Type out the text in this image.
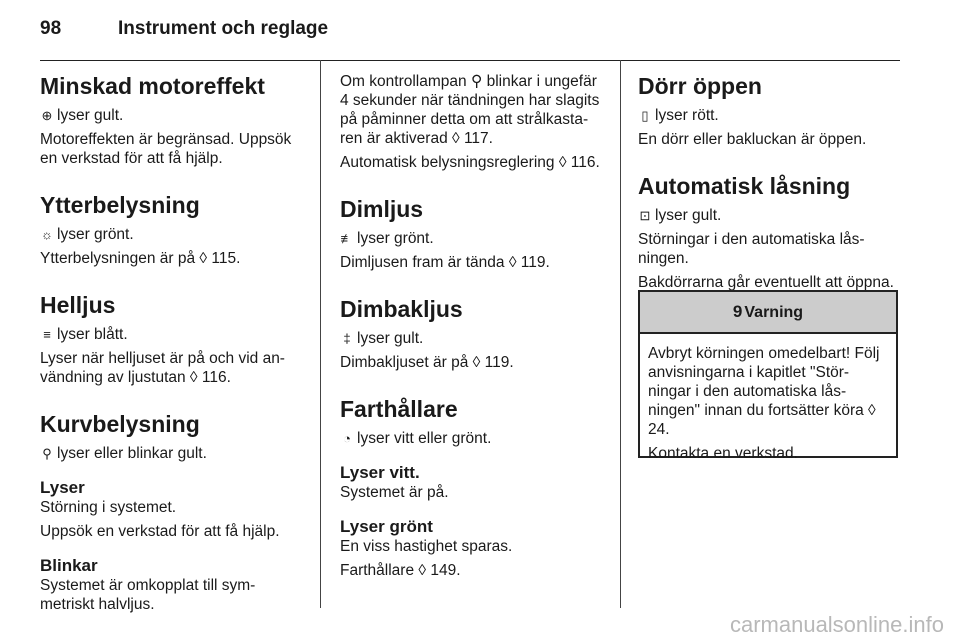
98	Instrument och reglage
Minskad motoreffekt

⊕ lyser gult.

Motoreffekten är begränsad. Uppsök en verkstad för att få hjälp.

Ytterbelysning

☼ lyser grönt.

Ytterbelysningen är på ◊ 115.

Helljus

≡ lyser blått.

Lyser när helljuset är på och vid an-vändning av ljustutan ◊ 116.

Kurvbelysning

⚲ lyser eller blinkar gult.

Lyser

Störning i systemet.

Uppsök en verkstad för att få hjälp.

Blinkar

Systemet är omkopplat till sym-metriskt halvljus.

Om kontrollampan ⚲ blinkar i ungefär 4 sekunder när tändningen har slagits på påminner detta om att strålkasta-ren är aktiverad ◊ 117.

Automatisk belysningsreglering ◊ 116.

Dimljus

≢ lyser grönt.

Dimljusen fram är tända ◊ 119.

Dimbakljus

‡ lyser gult.

Dimbakljuset är på ◊ 119.

Farthållare

◔ lyser vitt eller grönt.

Lyser vitt.

Systemet är på.

Lyser grönt

En viss hastighet sparas.

Farthållare ◊ 149.

Dörr öppen

▯ lyser rött.

En dörr eller bakluckan är öppen.

Automatisk låsning

⊡ lyser gult.

Störningar i den automatiska lås-ningen.

Bakdörrarna går eventuellt att öppna.

9 Varning

Avbryt körningen omedelbart! Följ anvisningarna i kapitlet "Stör-ningar i den automatiska lås-ningen" innan du fortsätter köra ◊ 24.

Kontakta en verkstad.

carmanualsonline.info
